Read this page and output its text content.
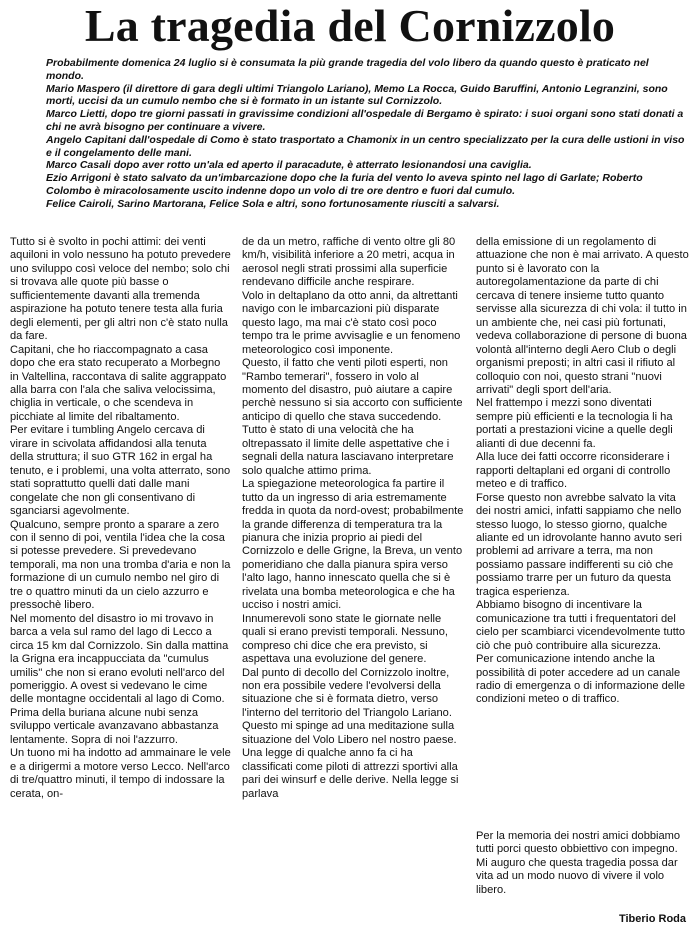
La tragedia del Cornizzolo

Probabilmente domenica 24 luglio si è consumata la più grande tragedia del volo libero da quando questo è praticato nel mondo.

Mario Maspero (il direttore di gara degli ultimi Triangolo Lariano), Memo La Rocca, Guido Baruffini, Antonio Legranzini, sono morti, uccisi da un cumulo nembo che si è formato in un istante sul Cornizzolo.

Marco Lietti, dopo tre giorni passati in gravissime condizioni all'ospedale di Bergamo è spirato: i suoi organi sono stati donati a chi ne avrà bisogno per continuare a vivere.

Angelo Capitani dall'ospedale di Como è stato trasportato a Chamonix in un centro specializzato per la cura delle ustioni in viso e il congelamento delle mani.

Marco Casali dopo aver rotto un'ala ed aperto il paracadute, è atterrato lesionandosi una caviglia.

Ezio Arrigoni è stato salvato da un'imbarcazione dopo che la furia del vento lo aveva spinto nel lago di Garlate; Roberto Colombo è miracolosamente uscito indenne dopo un volo di tre ore dentro e fuori dal cumulo.

Felice Cairoli, Sarino Martorana, Felice Sola e altri, sono fortunosamente riusciti a salvarsi.

Tutto si è svolto in pochi attimi: dei venti aquiloni in volo nessuno ha potuto prevedere uno sviluppo così veloce del nembo; solo chi si trovava alle quote più basse o sufficientemente davanti alla tremenda aspirazione ha potuto tenere testa alla furia degli elementi, per gli altri non c'è stato nulla da fare.

Capitani, che ho riaccompagnato a casa dopo che era stato recuperato a Morbegno in Valtellina, raccontava di salite aggrappato alla barra con l'ala che saliva velocissima, chiglia in verticale, o che scendeva in picchiate al limite del ribaltamento.

Per evitare i tumbling Angelo cercava di virare in scivolata affidandosi alla tenuta della struttura; il suo GTR 162 in ergal ha tenuto, e i problemi, una volta atterrato, sono stati soprattutto quelli dati dalle mani congelate che non gli consentivano di sganciarsi agevolmente.

Qualcuno, sempre pronto a sparare a zero con il senno di poi, ventila l'idea che la cosa si potesse prevedere. Si prevedevano temporali, ma non una tromba d'aria e non la formazione di un cumulo nembo nel giro di tre o quattro minuti da un cielo azzurro e pressochè libero.

Nel momento del disastro io mi trovavo in barca a vela sul ramo del lago di Lecco a circa 15 km dal Cornizzolo. Sin dalla mattina la Grigna era incappucciata da "cumulus umilis" che non si erano evoluti nell'arco del pomeriggio. A ovest si vedevano le cime delle montagne occidentali al lago di Como.

Prima della buriana alcune nubi senza sviluppo verticale avanzavano abbastanza lentamente. Sopra di noi l'azzurro.

Un tuono mi ha indotto ad ammainare le vele e a dirigermi a motore verso Lecco. Nell'arco di tre/quattro minuti, il tempo di indossare la cerata, on-

de da un metro, raffiche di vento oltre gli 80 km/h, visibilità inferiore a 20 metri, acqua in aerosol negli strati prossimi alla superficie rendevano difficile anche respirare.

Volo in deltaplano da otto anni, da altrettanti navigo con le imbarcazioni più disparate questo lago, ma mai c'è stato così poco tempo tra le prime avvisaglie e un fenomeno meteorologico così imponente.

Questo, il fatto che venti piloti esperti, non "Rambo temerari", fossero in volo al momento del disastro, può aiutare a capire perchè nessuno si sia accorto con sufficiente anticipo di quello che stava succedendo. Tutto è stato di una velocità che ha oltrepassato il limite delle aspettative che i segnali della natura lasciavano interpretare solo qualche attimo prima.

La spiegazione meteorologica fa partire il tutto da un ingresso di aria estremamente fredda in quota da nord-ovest; probabilmente la grande differenza di temperatura tra la pianura che inizia proprio ai piedi del Cornizzolo e delle Grigne, la Breva, un vento pomeridiano che dalla pianura spira verso l'alto lago, hanno innescato quella che si è rivelata una bomba meteorologica e che ha ucciso i nostri amici.

Innumerevoli sono state le giornate nelle quali si erano previsti temporali. Nessuno, compreso chi dice che era previsto, si aspettava una evoluzione del genere.

Dal punto di decollo del Cornizzolo inoltre, non era possibile vedere l'evolversi della situazione che si è formata dietro, verso l'interno del territorio del Triangolo Lariano.

Questo mi spinge ad una meditazione sulla situazione del Volo Libero nel nostro paese. Una legge di qualche anno fa ci ha classificati come piloti di attrezzi sportivi alla pari dei winsurf e delle derive. Nella legge si parlava

della emissione di un regolamento di attuazione che non è mai arrivato. A questo punto si è lavorato con la autoregolamentazione da parte di chi cercava di tenere insieme tutto quanto servisse alla sicurezza di chi vola: il tutto in un ambiente che, nei casi più fortunati, vedeva collaborazione di persone di buona volontà all'interno degli Aero Club o degli organismi preposti; in altri casi il rifiuto al colloquio con noi, questo strani "nuovi arrivati" degli sport dell'aria.

Nel frattempo i mezzi sono diventati sempre più efficienti e la tecnologia li ha portati a prestazioni vicine a quelle degli alianti di due decenni fa.

Alla luce dei fatti occorre riconsiderare i rapporti deltaplani ed organi di controllo meteo e di traffico.

Forse questo non avrebbe salvato la vita dei nostri amici, infatti sappiamo che nello stesso luogo, lo stesso giorno, qualche aliante ed un idrovolante hanno avuto seri problemi ad arrivare a terra, ma non possiamo passare indifferenti su ciò che possiamo trarre per un futuro da questa tragica esperienza.

Abbiamo bisogno di incentivare la comunicazione tra tutti i frequentatori del cielo per scambiarci vicendevolmente tutto ciò che può contribuire alla sicurezza.

Per comunicazione intendo anche la possibilità di poter accedere ad un canale radio di emergenza o di informazione delle condizioni meteo o di traffico.

Per la memoria dei nostri amici dobbiamo tutti porci questo obbiettivo con impegno. Mi auguro che questa tragedia possa dar vita ad un modo nuovo di vivere il volo libero.

Tiberio Roda
